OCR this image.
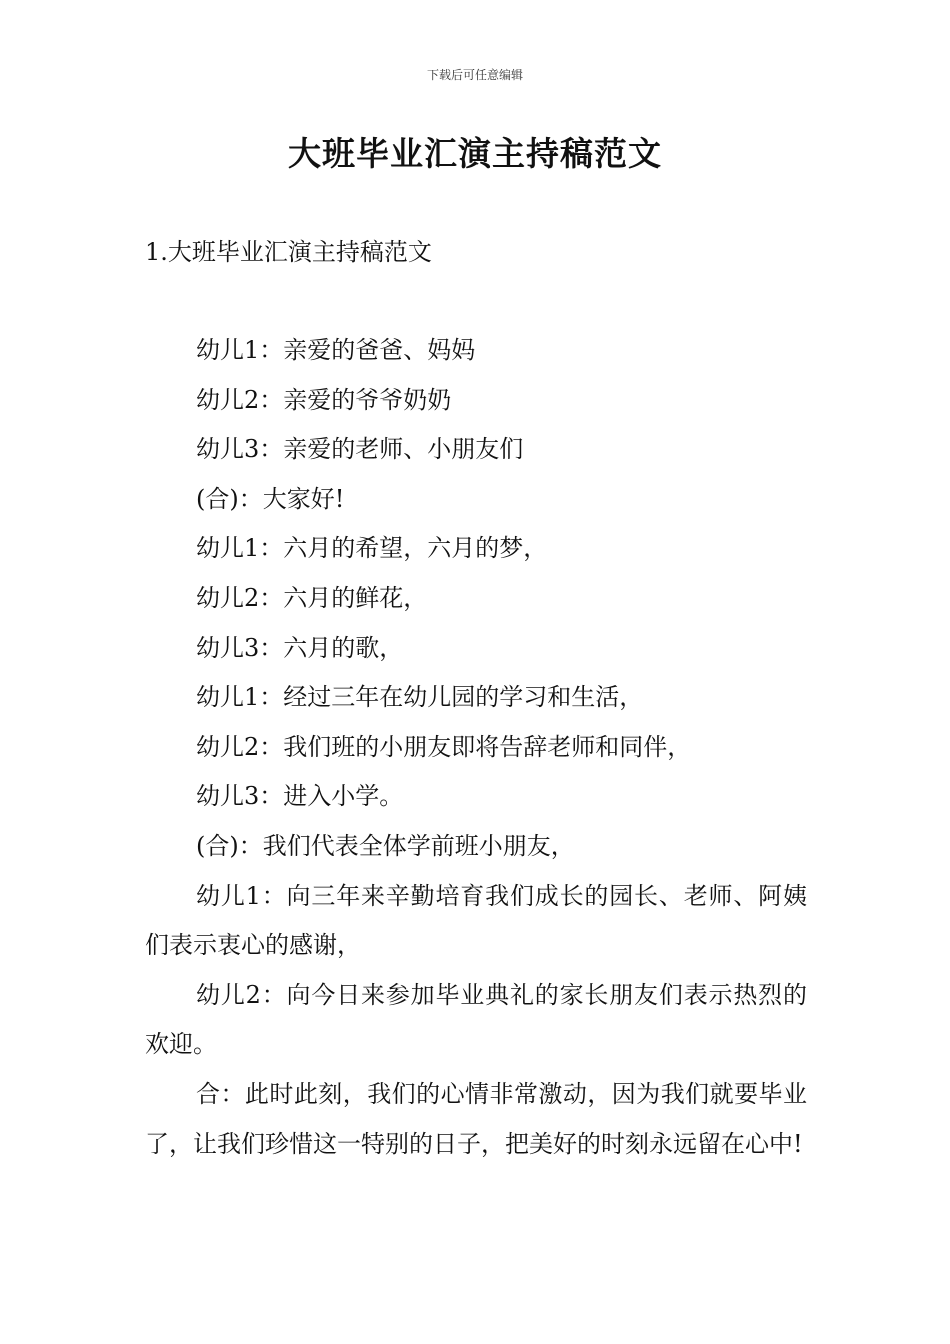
下载后可任意编辑
大班毕业汇演主持稿范文
1.大班毕业汇演主持稿范文

幼儿1：亲爱的爸爸、妈妈

幼儿2：亲爱的爷爷奶奶

幼儿3：亲爱的老师、小朋友们

(合)：大家好!

幼儿1：六月的希望，六月的梦，

幼儿2：六月的鲜花，

幼儿3：六月的歌，

幼儿1：经过三年在幼儿园的学习和生活，

幼儿2：我们班的小朋友即将告辞老师和同伴，

幼儿3：进入小学。

(合)：我们代表全体学前班小朋友，

幼儿1：向三年来辛勤培育我们成长的园长、老师、阿姨们表示衷心的感谢，

幼儿2：向今日来参加毕业典礼的家长朋友们表示热烈的欢迎。

合：此时此刻，我们的心情非常激动，因为我们就要毕业了，让我们珍惜这一特别的日子，把美好的时刻永远留在心中!
